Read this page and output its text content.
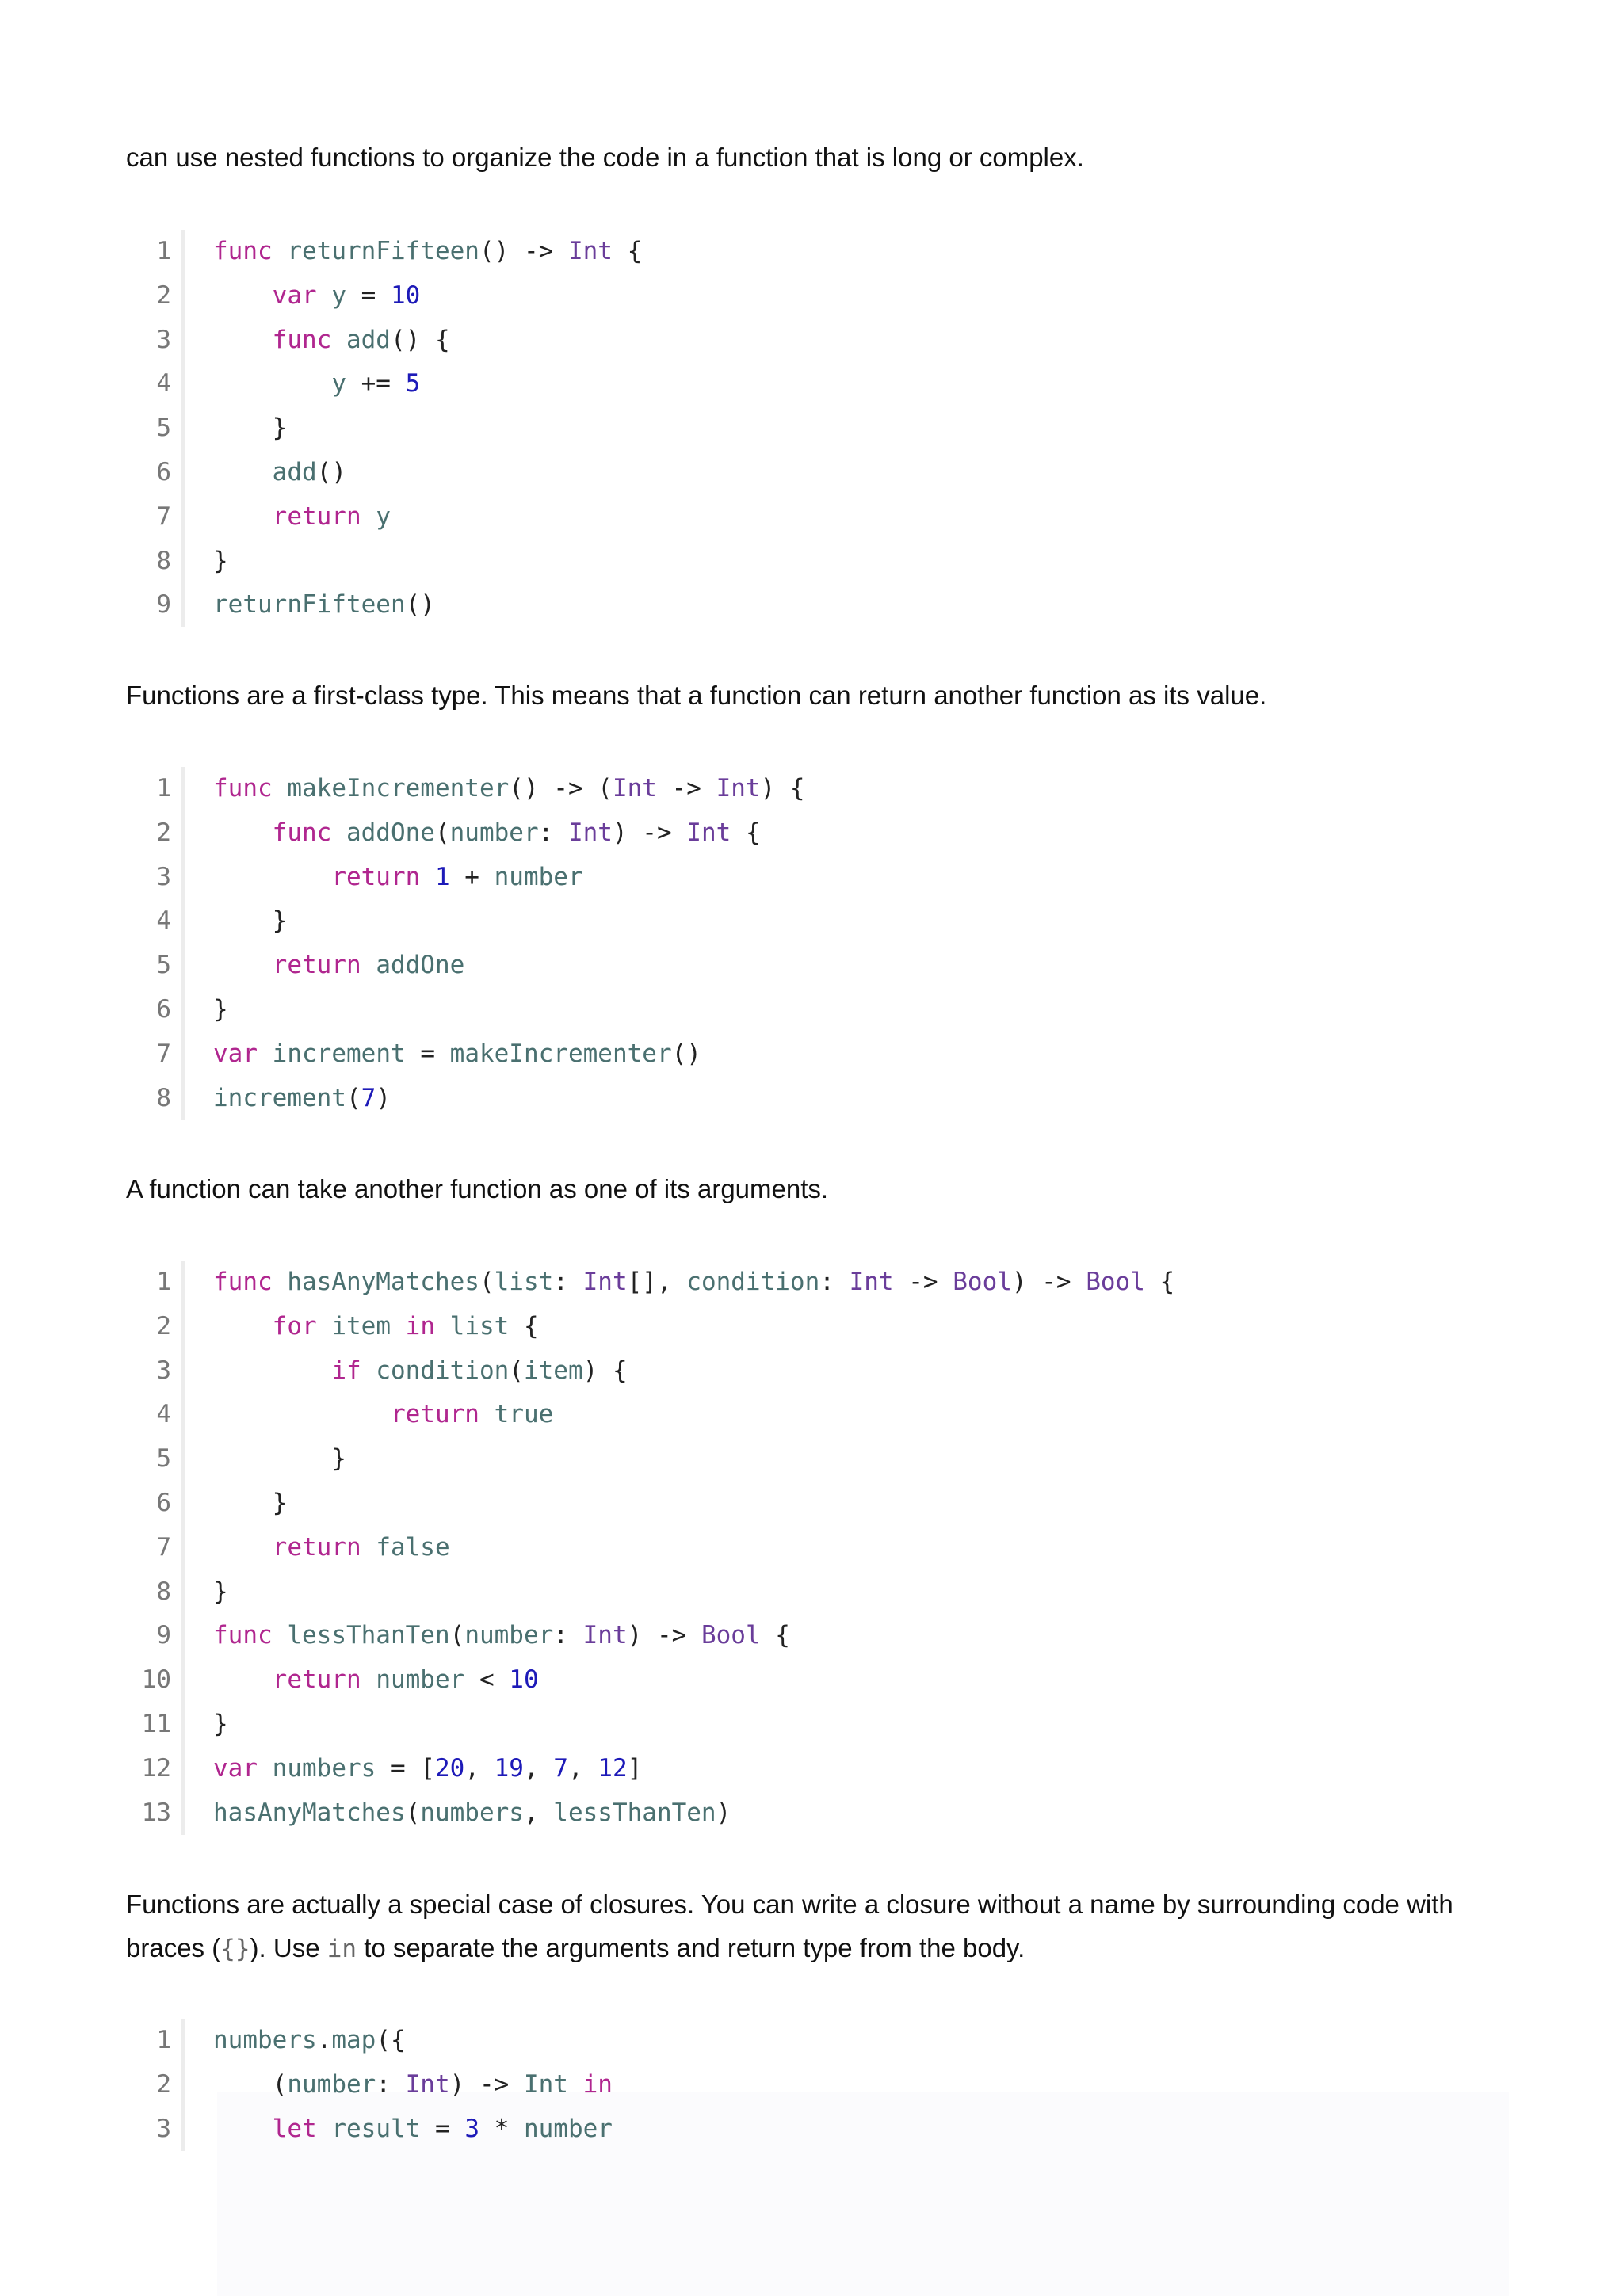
can use nested functions to organize the code in a function that is long or complex.

1 func returnFifteen() -> Int {
2	var y = 10
3	func add() {
4	y += 5
5 }
6	add()
7	return y
8 }
9 returnFifteen()

Functions are a first-class type. This means that a function can return another function as its value.

1 func makeIncrementer() -> (Int -> Int) {
2	func addOne(number: Int) -> Int {
3	return 1 + number
4 }
5	return addOne
6 }
7 var increment = makeIncrementer()
8 increment(7)

A function can take another function as one of its arguments.

1 func hasAnyMatches(list: Int[], condition: Int -> Bool) -> Bool {
2	for item in list {
3	if condition(item) {
4	return true
5 }
6 }
7	return false
8 }
9 func lessThanTen(number: Int) -> Bool {
10	return number < 10
11 }
12 var numbers = [20, 19, 7, 12]
13 hasAnyMatches(numbers, lessThanTen)

Functions are actually a special case of closures. You can write a closure without a name by surrounding code with
braces ({}). Use in to separate the arguments and return type from the body.

1 numbers.map({
2 (number: Int) -> Int in
3	let result = 3 * number
